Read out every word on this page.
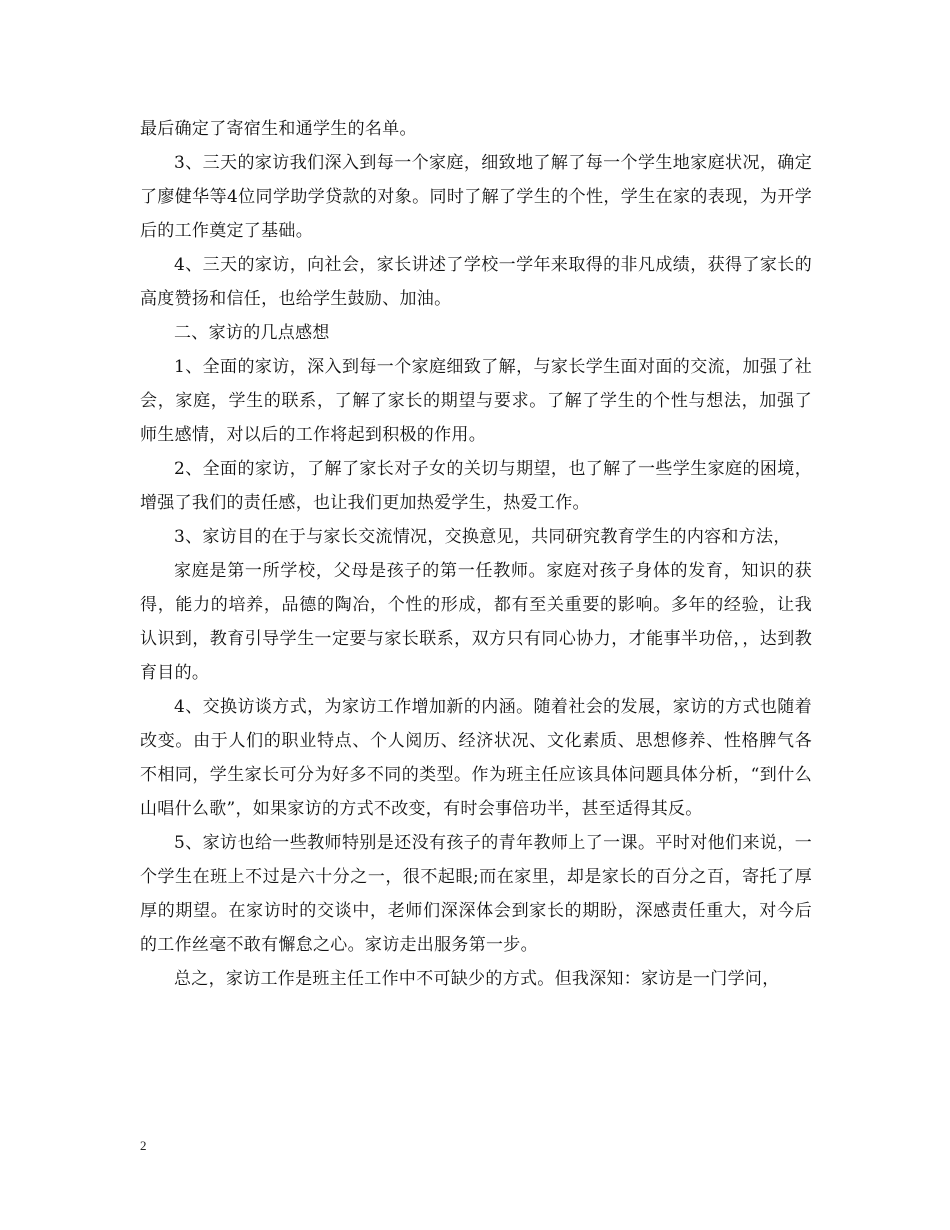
最后确定了寄宿生和通学生的名单。

3、三天的家访我们深入到每一个家庭，细致地了解了每一个学生地家庭状况，确定了廖健华等4位同学助学贷款的对象。同时了解了学生的个性，学生在家的表现，为开学后的工作奠定了基础。

4、三天的家访，向社会，家长讲述了学校一学年来取得的非凡成绩，获得了家长的高度赞扬和信任，也给学生鼓励、加油。

二、家访的几点感想

1、全面的家访，深入到每一个家庭细致了解，与家长学生面对面的交流，加强了社会，家庭，学生的联系，了解了家长的期望与要求。了解了学生的个性与想法，加强了师生感情，对以后的工作将起到积极的作用。

2、全面的家访，了解了家长对子女的关切与期望，也了解了一些学生家庭的困境，增强了我们的责任感，也让我们更加热爱学生，热爱工作。

3、家访目的在于与家长交流情况，交换意见，共同研究教育学生的内容和方法，

家庭是第一所学校，父母是孩子的第一任教师。家庭对孩子身体的发育，知识的获得，能力的培养，品德的陶冶，个性的形成，都有至关重要的影响。多年的经验，让我认识到，教育引导学生一定要与家长联系，双方只有同心协力，才能事半功倍，，达到教育目的。

4、交换访谈方式，为家访工作增加新的内涵。随着社会的发展，家访的方式也随着改变。由于人们的职业特点、个人阅历、经济状况、文化素质、思想修养、性格脾气各不相同，学生家长可分为好多不同的类型。作为班主任应该具体问题具体分析，“到什么山唱什么歌”，如果家访的方式不改变，有时会事倍功半，甚至适得其反。

5、家访也给一些教师特别是还没有孩子的青年教师上了一课。平时对他们来说，一个学生在班上不过是六十分之一，很不起眼;而在家里，却是家长的百分之百，寄托了厚厚的期望。在家访时的交谈中，老师们深深体会到家长的期盼，深感责任重大，对今后的工作丝毫不敢有懈怠之心。家访走出服务第一步。

总之，家访工作是班主任工作中不可缺少的方式。但我深知：家访是一门学问，

2
